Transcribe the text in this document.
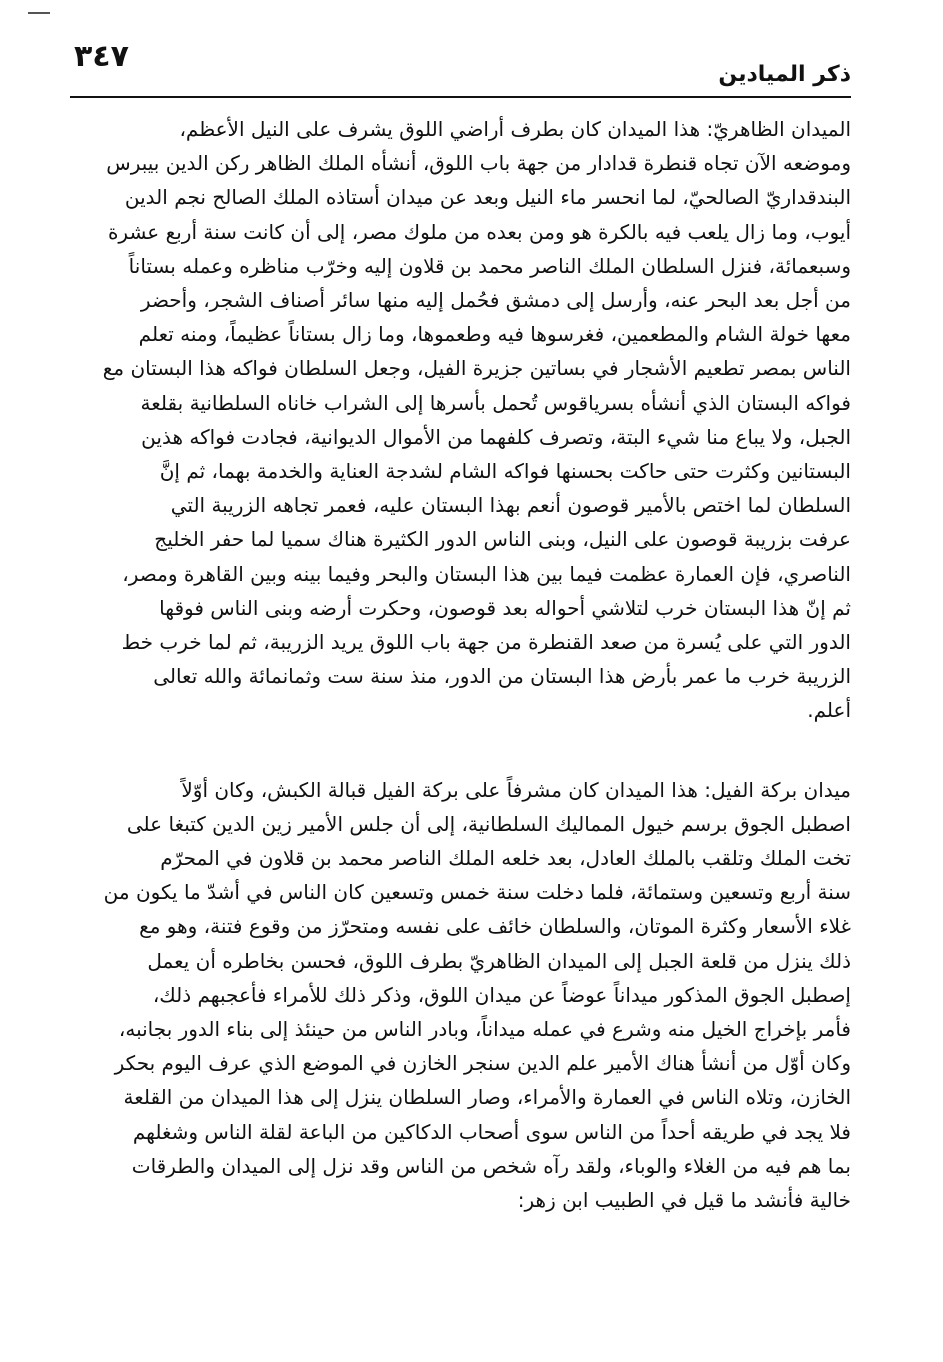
٣٤٧
ذكر الميادين

الميدان الظاهريّ: هذا الميدان كان بطرف أراضي اللوق يشرف على النيل الأعظم،
وموضعه الآن تجاه قنطرة قدادار من جهة باب اللوق، أنشأه الملك الظاهر ركن الدين بيبرس
البندقداريّ الصالحيّ، لما انحسر ماء النيل وبعد عن ميدان أستاذه الملك الصالح نجم الدين
أيوب، وما زال يلعب فيه بالكرة هو ومن بعده من ملوك مصر، إلى أن كانت سنة أربع عشرة
وسبعمائة، فنزل السلطان الملك الناصر محمد بن قلاون إليه وخرّب مناظره وعمله بستاناً
من أجل بعد البحر عنه، وأرسل إلى دمشق فحُمل إليه منها سائر أصناف الشجر، وأحضر
معها خولة الشام والمطعمين، فغرسوها فيه وطعموها، وما زال بستاناً عظيماً، ومنه تعلم
الناس بمصر تطعيم الأشجار في بساتين جزيرة الفيل، وجعل السلطان فواكه هذا البستان مع
فواكه البستان الذي أنشأه بسرياقوس تُحمل بأسرها إلى الشراب خاناه السلطانية بقلعة
الجبل، ولا يباع منا شيء البتة، وتصرف كلفهما من الأموال الديوانية، فجادت فواكه هذين
البستانين وكثرت حتى حاكت بحسنها فواكه الشام لشدجة العناية والخدمة بهما، ثم إنَّ
السلطان لما اختص بالأمير قوصون أنعم بهذا البستان عليه، فعمر تجاهه الزريبة التي
عرفت بزريبة قوصون على النيل، وبنى الناس الدور الكثيرة هناك سميا لما حفر الخليج
الناصري، فإن العمارة عظمت فيما بين هذا البستان والبحر وفيما بينه وبين القاهرة ومصر،
ثم إنّ هذا البستان خرب لتلاشي أحواله بعد قوصون، وحكرت أرضه وبنى الناس فوقها
الدور التي على يُسرة من صعد القنطرة من جهة باب اللوق يريد الزريبة، ثم لما خرب خط
الزريبة خرب ما عمر بأرض هذا البستان من الدور، منذ سنة ست وثمانمائة والله تعالى
أعلم.

ميدان بركة الفيل: هذا الميدان كان مشرفاً على بركة الفيل قبالة الكبش، وكان أوّلاً
اصطبل الجوق برسم خيول المماليك السلطانية، إلى أن جلس الأمير زين الدين كتبغا على
تخت الملك وتلقب بالملك العادل، بعد خلعه الملك الناصر محمد بن قلاون في المحرّم
سنة أربع وتسعين وستمائة، فلما دخلت سنة خمس وتسعين كان الناس في أشدّ ما يكون من
غلاء الأسعار وكثرة الموتان، والسلطان خائف على نفسه ومتحرّز من وقوع فتنة، وهو مع
ذلك ينزل من قلعة الجبل إلى الميدان الظاهريّ بطرف اللوق، فحسن بخاطره أن يعمل
إصطبل الجوق المذكور ميداناً عوضاً عن ميدان اللوق، وذكر ذلك للأمراء فأعجبهم ذلك،
فأمر بإخراج الخيل منه وشرع في عمله ميداناً، وبادر الناس من حينئذ إلى بناء الدور بجانبه،
وكان أوّل من أنشأ هناك الأمير علم الدين سنجر الخازن في الموضع الذي عرف اليوم بحكر
الخازن، وتلاه الناس في العمارة والأمراء، وصار السلطان ينزل إلى هذا الميدان من القلعة
فلا يجد في طريقه أحداً من الناس سوى أصحاب الدكاكين من الباعة لقلة الناس وشغلهم
بما هم فيه من الغلاء والوباء، ولقد رآه شخص من الناس وقد نزل إلى الميدان والطرقات
خالية فأنشد ما قيل في الطبيب ابن زهر:
